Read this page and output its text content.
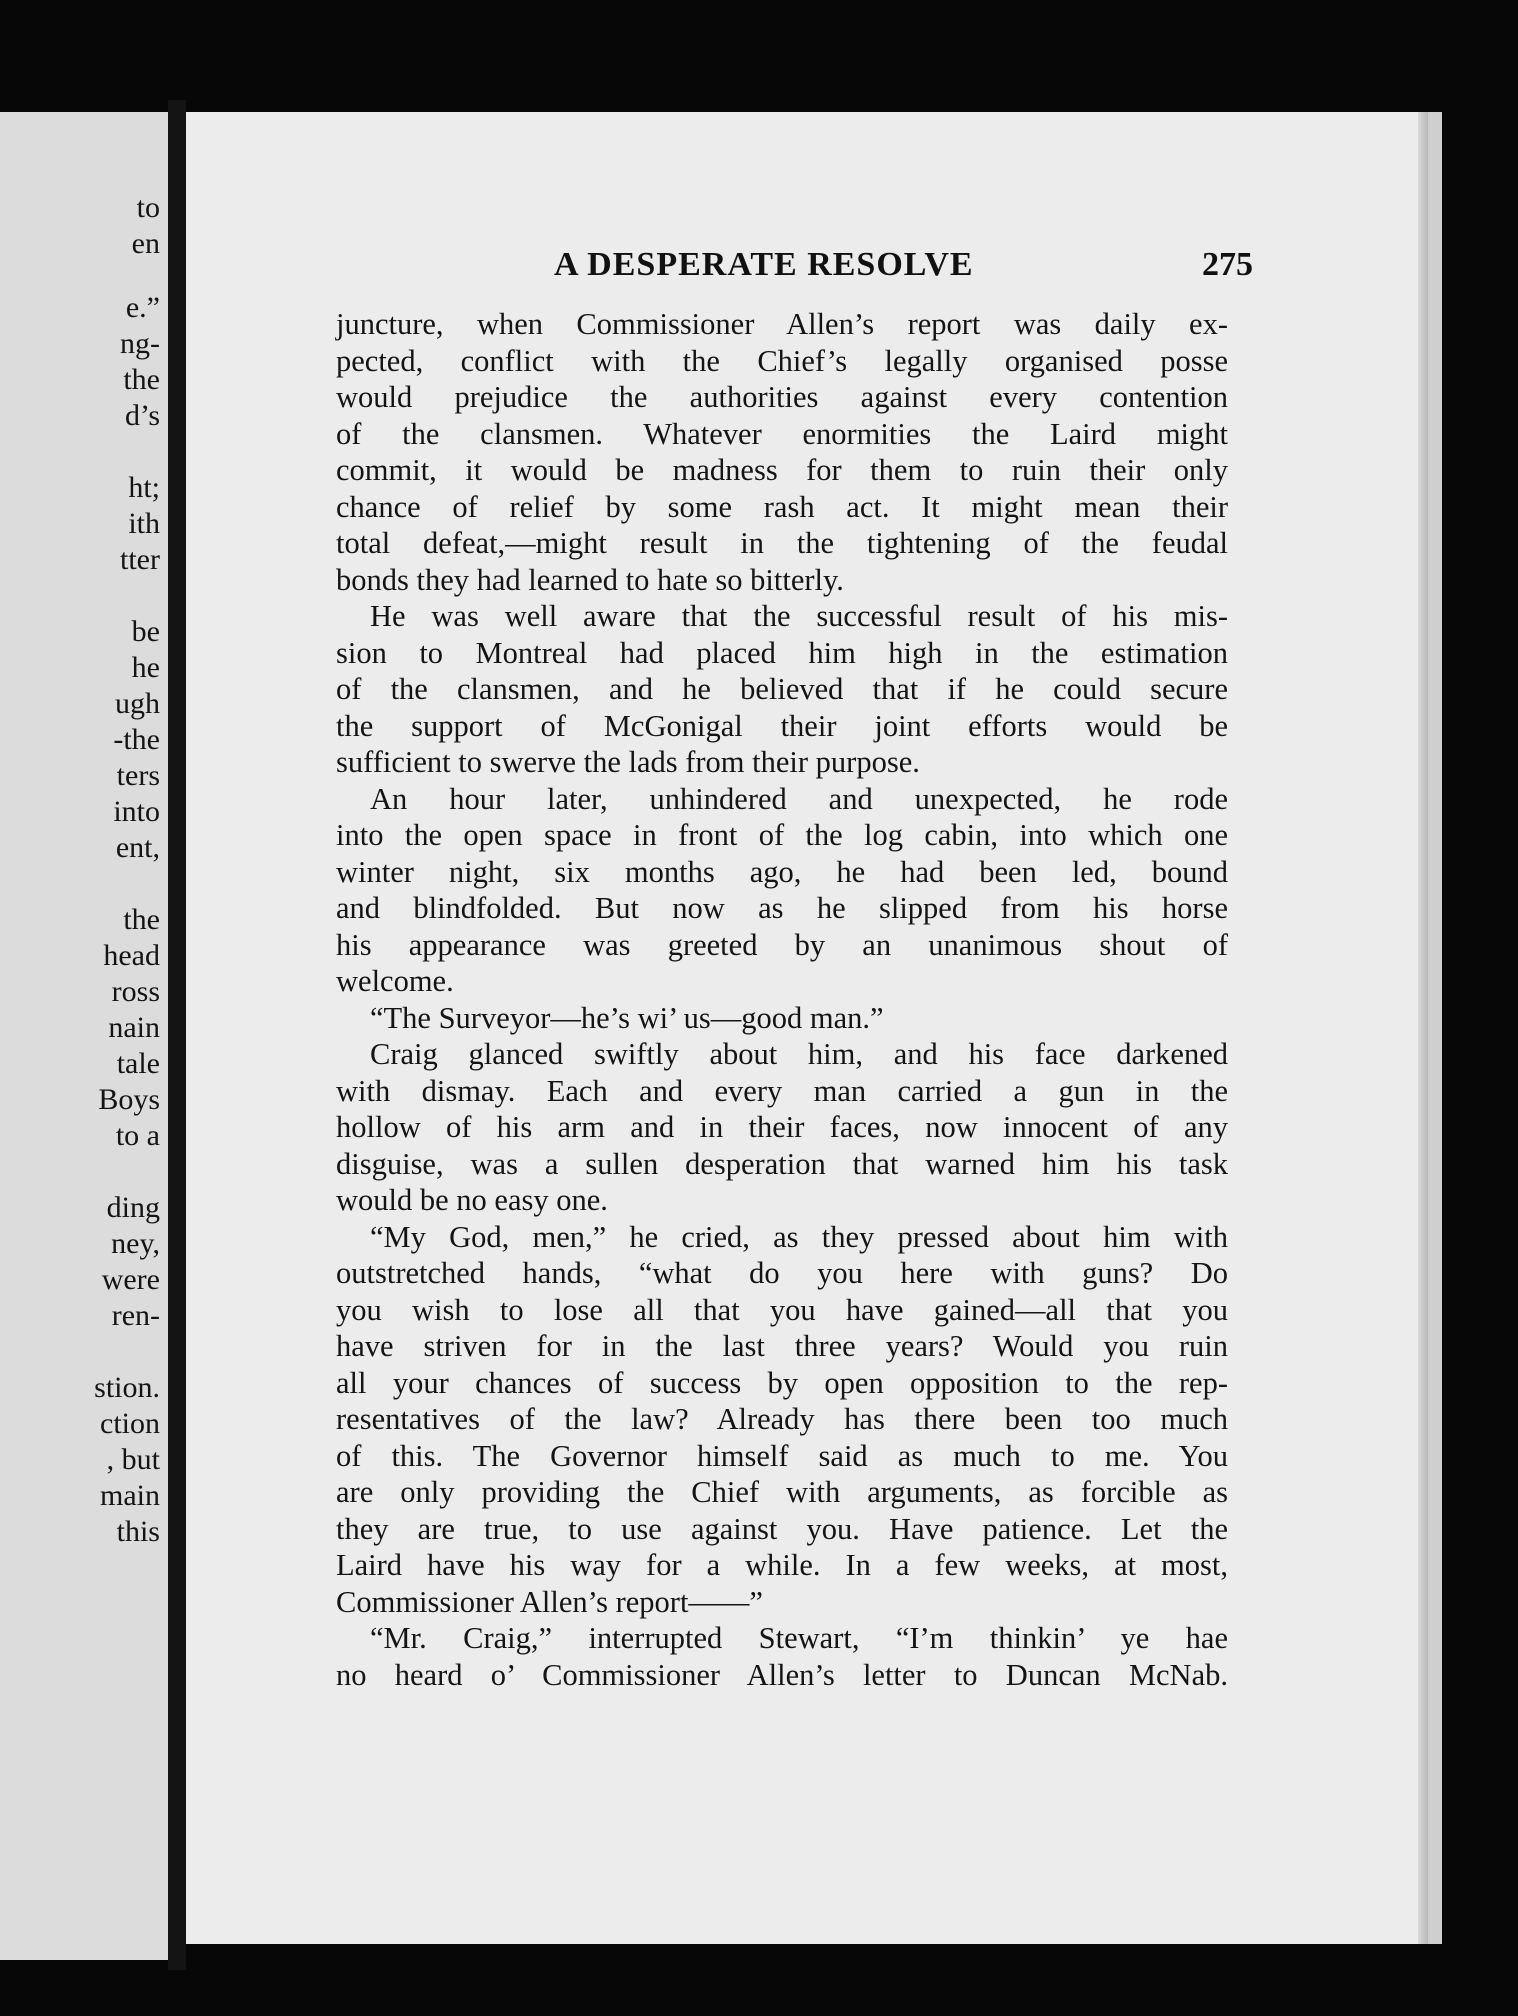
to
en
e.”
ng-
the
d’s
ht;
ith
tter
be
he
ugh
-the
ters
into
ent,
the
head
ross
nain
tale
Boys
to a
ding
ney,
were
ren-
stion.
ction
, but
main
this
A DESPERATE RESOLVE	275
juncture, when Commissioner Allen’s report was daily ex-
pected, conflict with the Chief’s legally organised posse
would prejudice the authorities against every contention
of the clansmen. Whatever enormities the Laird might
commit, it would be madness for them to ruin their only
chance of relief by some rash act. It might mean their
total defeat,—might result in the tightening of the feudal
bonds they had learned to hate so bitterly.
He was well aware that the successful result of his mis-
sion to Montreal had placed him high in the estimation
of the clansmen, and he believed that if he could secure
the support of McGonigal their joint efforts would be
sufficient to swerve the lads from their purpose.
An hour later, unhindered and unexpected, he rode
into the open space in front of the log cabin, into which one
winter night, six months ago, he had been led, bound
and blindfolded. But now as he slipped from his horse
his appearance was greeted by an unanimous shout of
welcome.
“The Surveyor—he’s wi’ us—good man.”
Craig glanced swiftly about him, and his face darkened
with dismay. Each and every man carried a gun in the
hollow of his arm and in their faces, now innocent of any
disguise, was a sullen desperation that warned him his task
would be no easy one.
“My God, men,” he cried, as they pressed about him with
outstretched hands, “what do you here with guns? Do
you wish to lose all that you have gained—all that you
have striven for in the last three years? Would you ruin
all your chances of success by open opposition to the rep-
resentatives of the law? Already has there been too much
of this. The Governor himself said as much to me. You
are only providing the Chief with arguments, as forcible as
they are true, to use against you. Have patience. Let the
Laird have his way for a while. In a few weeks, at most,
Commissioner Allen’s report——”
“Mr. Craig,” interrupted Stewart, “I’m thinkin’ ye hae
no heard o’ Commissioner Allen’s letter to Duncan McNab.
